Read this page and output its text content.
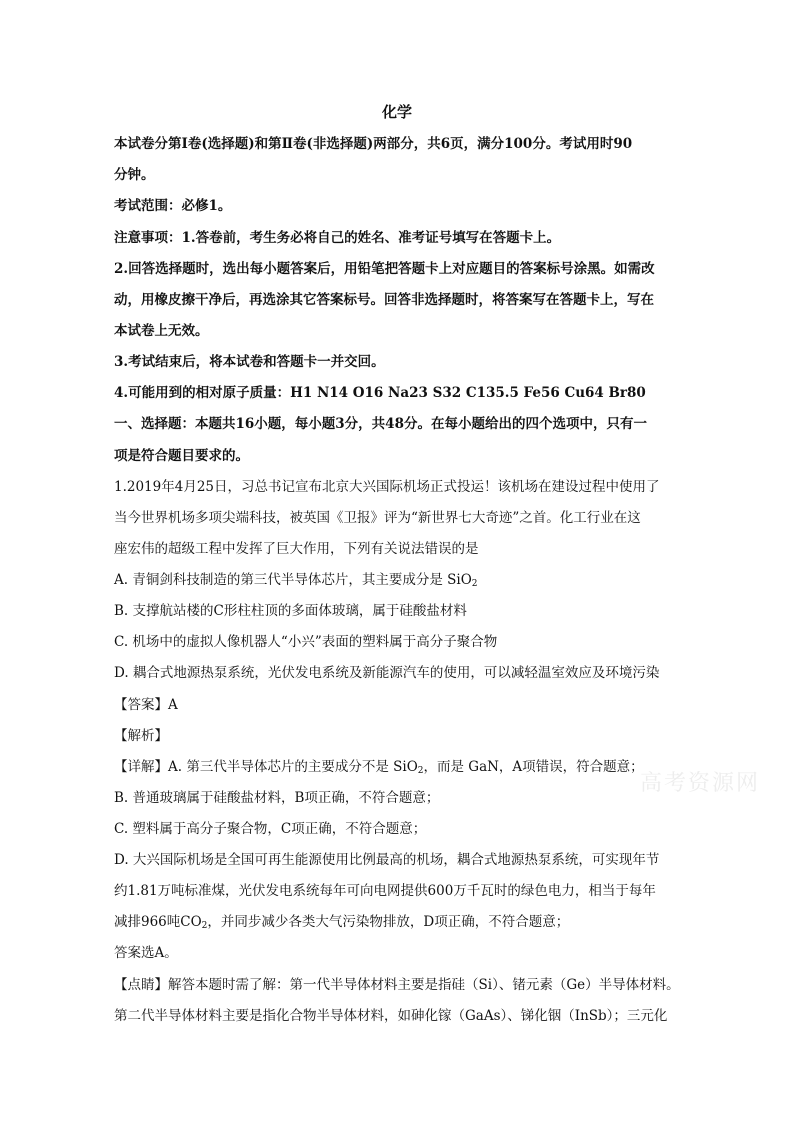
化学
本试卷分第Ⅰ卷(选择题)和第Ⅱ卷(非选择题)两部分，共6页，满分100分。考试用时90
分钟。
考试范围：必修1。
注意事项：1.答卷前，考生务必将自己的姓名、准考证号填写在答题卡上。
2.回答选择题时，选出每小题答案后，用铅笔把答题卡上对应题目的答案标号涂黑。如需改
动，用橡皮擦干净后，再选涂其它答案标号。回答非选择题时，将答案写在答题卡上，写在
本试卷上无效。
3.考试结束后，将本试卷和答题卡一并交回。
4.可能用到的相对原子质量：H1 N14 O16 Na23 S32 C135.5 Fe56 Cu64 Br80
一、选择题：本题共16小题，每小题3分，共48分。在每小题给出的四个选项中，只有一
项是符合题目要求的。
1.2019年4月25日，习总书记宣布北京大兴国际机场正式投运！该机场在建设过程中使用了
当今世界机场多项尖端科技，被英国《卫报》评为“新世界七大奇迹”之首。化工行业在这
座宏伟的超级工程中发挥了巨大作用，下列有关说法错误的是
A. 青铜剑科技制造的第三代半导体芯片，其主要成分是 SiO$_2$
B. 支撑航站楼的C形柱柱顶的多面体玻璃，属于硅酸盐材料
C. 机场中的虚拟人像机器人“小兴”表面的塑料属于高分子聚合物
D. 耦合式地源热泵系统，光伏发电系统及新能源汽车的使用，可以减轻温室效应及环境污染
【答案】A
【解析】
【详解】A. 第三代半导体芯片的主要成分不是 SiO$_2$，而是 GaN，A项错误，符合题意；
B. 普通玻璃属于硅酸盐材料，B项正确，不符合题意；
C. 塑料属于高分子聚合物，C项正确，不符合题意；
D. 大兴国际机场是全国可再生能源使用比例最高的机场，耦合式地源热泵系统，可实现年节
约1.81万吨标准煤，光伏发电系统每年可向电网提供600万千瓦时的绿色电力，相当于每年
减排966吨$CO_2$，并同步减少各类大气污染物排放，D项正确，不符合题意；
答案选A。
【点睛】解答本题时需了解：第一代半导体材料主要是指硅（Si）、锗元素（Ge）半导体材料。
第二代半导体材料主要是指化合物半导体材料，如砷化镓（GaAs）、锑化铟（InSb）；三元化
高考资源网
